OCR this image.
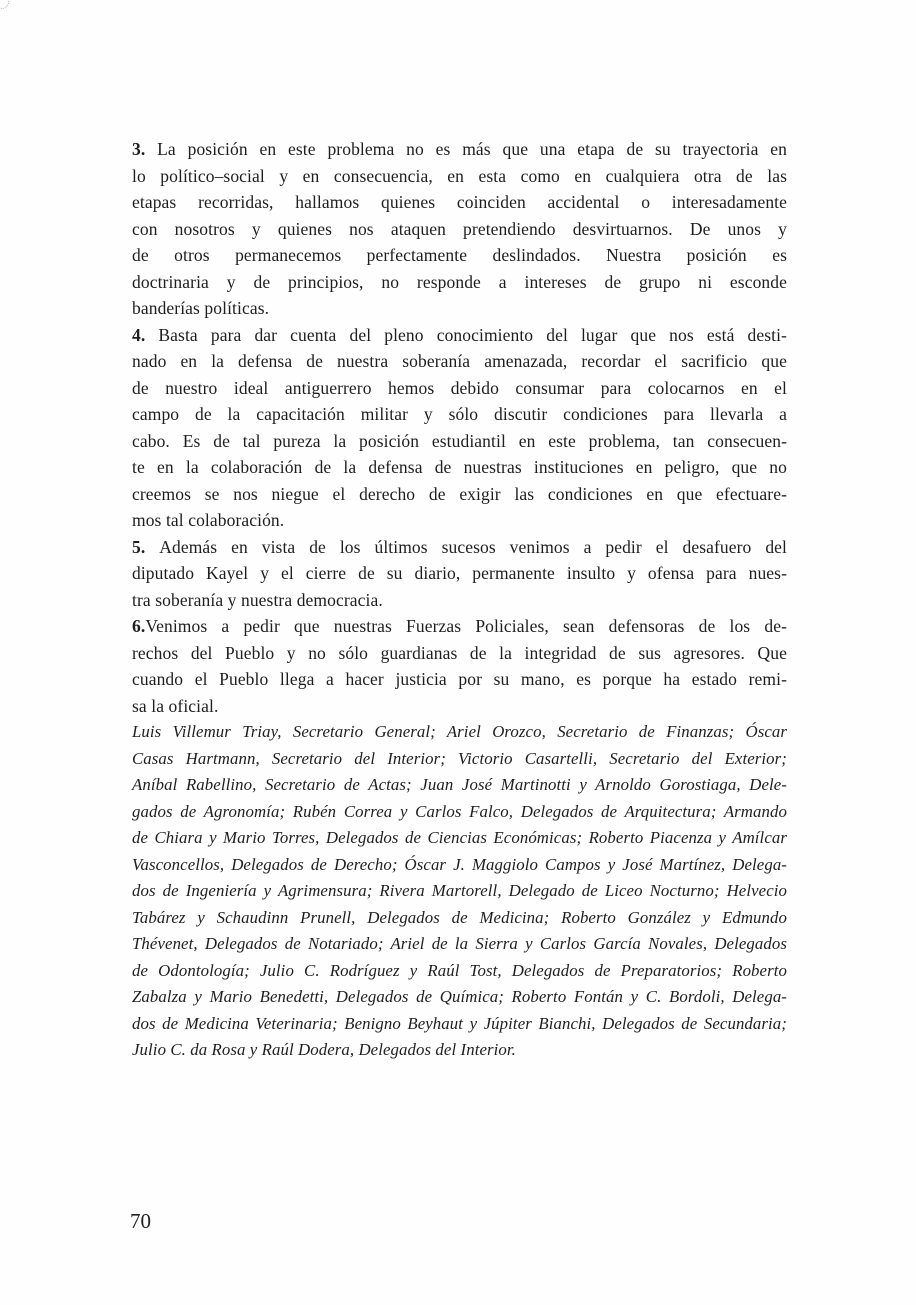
3. La posición en este problema no es más que una etapa de su trayectoria en
lo político–social y en consecuencia, en esta como en cualquiera otra de las
etapas recorridas, hallamos quienes coinciden accidental o interesadamente
con nosotros y quienes nos ataquen pretendiendo desvirtuarnos. De unos y
de otros permanecemos perfectamente deslindados. Nuestra posición es
doctrinaria y de principios, no responde a intereses de grupo ni esconde
banderías políticas.
4. Basta para dar cuenta del pleno conocimiento del lugar que nos está desti-
nado en la defensa de nuestra soberanía amenazada, recordar el sacrificio que
de nuestro ideal antiguerrero hemos debido consumar para colocarnos en el
campo de la capacitación militar y sólo discutir condiciones para llevarla a
cabo. Es de tal pureza la posición estudiantil en este problema, tan consecuen-
te en la colaboración de la defensa de nuestras instituciones en peligro, que no
creemos se nos niegue el derecho de exigir las condiciones en que efectuare-
mos tal colaboración.
5. Además en vista de los últimos sucesos venimos a pedir el desafuero del
diputado Kayel y el cierre de su diario, permanente insulto y ofensa para nues-
tra soberanía y nuestra democracia.
6.Venimos a pedir que nuestras Fuerzas Policiales, sean defensoras de los de-
rechos del Pueblo y no sólo guardianas de la integridad de sus agresores. Que
cuando el Pueblo llega a hacer justicia por su mano, es porque ha estado remi-
sa la oficial.
Luis Villemur Triay, Secretario General; Ariel Orozco, Secretario de Finanzas; Óscar
Casas Hartmann, Secretario del Interior; Victorio Casartelli, Secretario del Exterior;
Aníbal Rabellino, Secretario de Actas; Juan José Martinotti y Arnoldo Gorostiaga, Dele-
gados de Agronomía; Rubén Correa y Carlos Falco, Delegados de Arquitectura; Armando
de Chiara y Mario Torres, Delegados de Ciencias Económicas; Roberto Piacenza y Amílcar
Vasconcellos, Delegados de Derecho; Óscar J. Maggiolo Campos y José Martínez, Delega-
dos de Ingeniería y Agrimensura; Rivera Martorell, Delegado de Liceo Nocturno; Helvecio
Tabárez y Schaudinn Prunell, Delegados de Medicina; Roberto González y Edmundo
Thévenet, Delegados de Notariado; Ariel de la Sierra y Carlos García Novales, Delegados
de Odontología; Julio C. Rodríguez y Raúl Tost, Delegados de Preparatorios; Roberto
Zabalza y Mario Benedetti, Delegados de Química; Roberto Fontán y C. Bordoli, Delega-
dos de Medicina Veterinaria; Benigno Beyhaut y Júpiter Bianchi, Delegados de Secundaria;
Julio C. da Rosa y Raúl Dodera, Delegados del Interior.
70
